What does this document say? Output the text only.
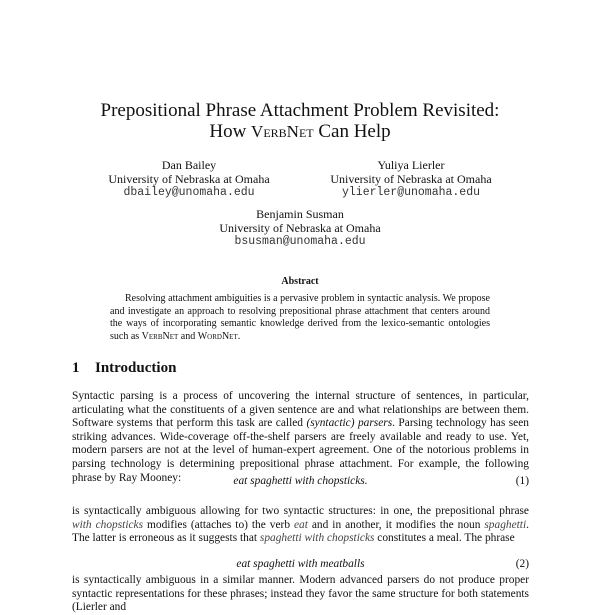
Prepositional Phrase Attachment Problem Revisited:
How VerbNet Can Help
Dan Bailey
University of Nebraska at Omaha
dbailey@unomaha.edu
Yuliya Lierler
University of Nebraska at Omaha
ylierler@unomaha.edu
Benjamin Susman
University of Nebraska at Omaha
bsusman@unomaha.edu
Abstract
Resolving attachment ambiguities is a pervasive problem in syntactic analysis. We propose and investigate an approach to resolving prepositional phrase attachment that centers around the ways of incorporating semantic knowledge derived from the lexico-semantic ontologies such as VerbNet and WordNet.
1 Introduction
Syntactic parsing is a process of uncovering the internal structure of sentences, in particular, articulating what the constituents of a given sentence are and what relationships are between them. Software systems that perform this task are called (syntactic) parsers. Parsing technology has seen striking advances. Wide-coverage off-the-shelf parsers are freely available and ready to use. Yet, modern parsers are not at the level of human-expert agreement. One of the notorious problems in parsing technology is determining prepositional phrase attachment. For example, the following phrase by Ray Mooney:	eat spaghetti with chopsticks.	(1)
is syntactically ambiguous allowing for two syntactic structures: in one, the prepositional phrase with chopsticks modifies (attaches to) the verb eat and in another, it modifies the noun spaghetti. The latter is erroneous as it suggests that spaghetti with chopsticks constitutes a meal. The phrase
eat spaghetti with meatballs	(2)
is syntactically ambiguous in a similar manner. Modern advanced parsers do not produce proper syntactic representations for these phrases; instead they favor the same structure for both statements (Lierler and
